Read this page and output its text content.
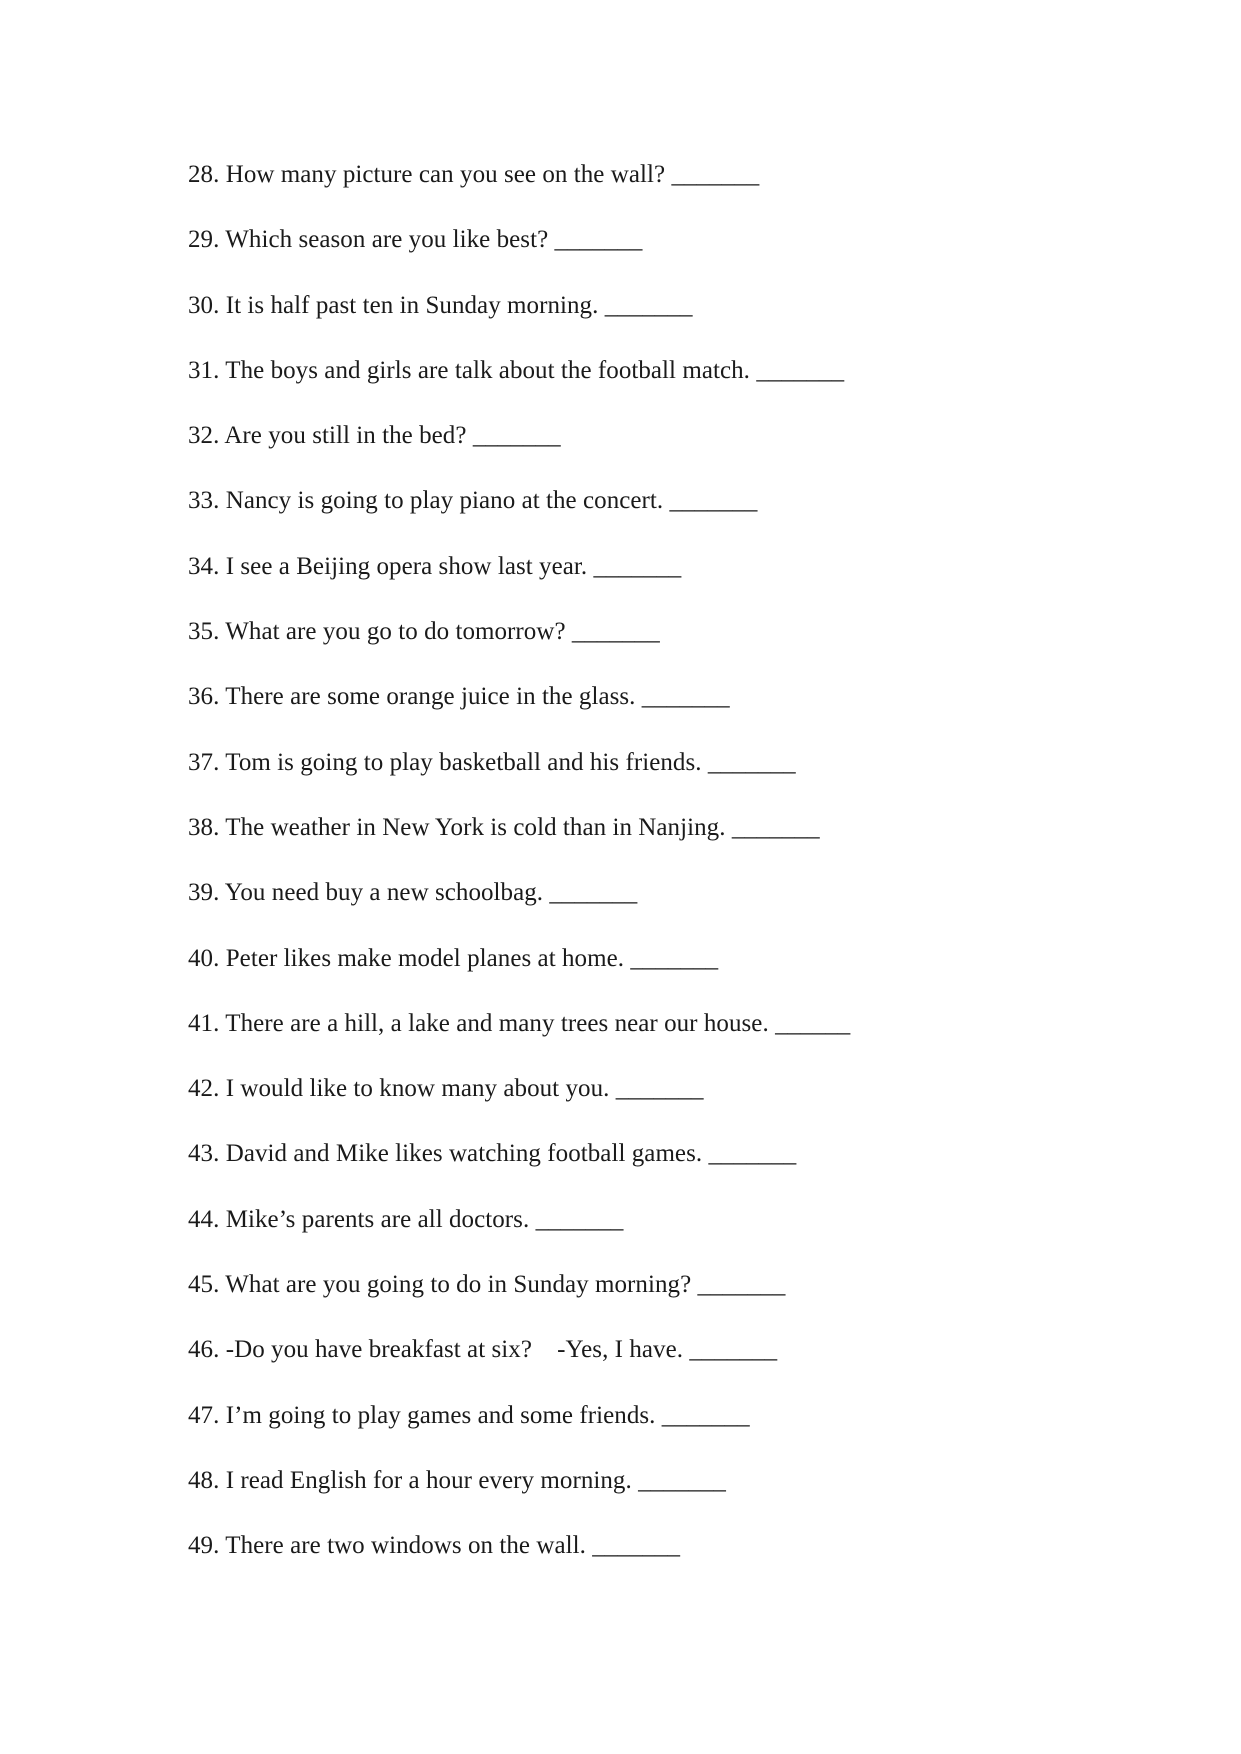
28. How many picture can you see on the wall? _______
29. Which season are you like best? _______
30. It is half past ten in Sunday morning. _______
31. The boys and girls are talk about the football match. _______
32. Are you still in the bed? _______
33. Nancy is going to play piano at the concert. _______
34. I see a Beijing opera show last year. _______
35. What are you go to do tomorrow? _______
36. There are some orange juice in the glass. _______
37. Tom is going to play basketball and his friends. _______
38. The weather in New York is cold than in Nanjing. _______
39. You need buy a new schoolbag. _______
40. Peter likes make model planes at home. _______
41. There are a hill, a lake and many trees near our house. ______
42. I would like to know many about you. _______
43. David and Mike likes watching football games. _______
44. Mike’s parents are all doctors. _______
45. What are you going to do in Sunday morning? _______
46. -Do you have breakfast at six?    -Yes, I have. _______
47. I’m going to play games and some friends. _______
48. I read English for a hour every morning. _______
49. There are two windows on the wall. _______
